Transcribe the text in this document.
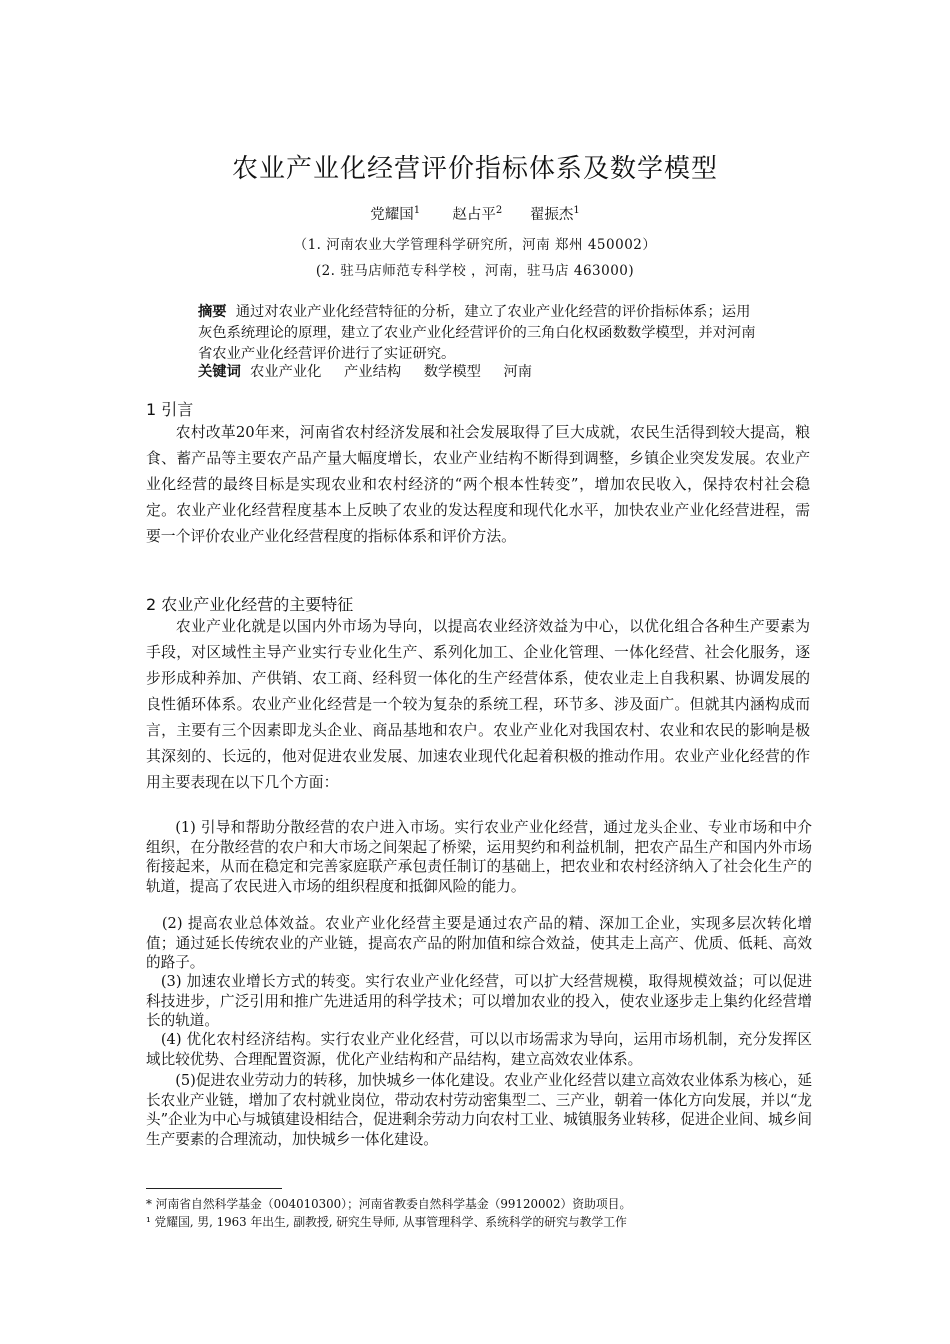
农业产业化经营评价指标体系及数学模型
党耀国$^1$ 赵占平$^2$ 翟振杰$^1$
（1. 河南农业大学管理科学研究所，河南 郑州 450002）
(2. 驻马店师范专科学校 ，河南，驻马店 463000)
摘要 通过对农业产业化经营特征的分析，建立了农业产业化经营的评价指标体系；运用灰色系统理论的原理，建立了农业产业化经营评价的三角白化权函数数学模型，并对河南省农业产业化经营评价进行了实证研究。
关键词 农业产业化 产业结构 数学模型 河南
1 引言
  农村改革20年来，河南省农村经济发展和社会发展取得了巨大成就，农民生活得到较大提高，粮食、蓄产品等主要农产品产量大幅度增长，农业产业结构不断得到调整，乡镇企业突发发展。农业产业化经营的最终目标是实现农业和农村经济的“两个根本性转变”，增加农民收入，保持农村社会稳定。农业产业化经营程度基本上反映了农业的发达程度和现代化水平，加快农业产业化经营进程，需要一个评价农业产业化经营程度的指标体系和评价方法。
2 农业产业化经营的主要特征
  农业产业化就是以国内外市场为导向，以提高农业经济效益为中心，以优化组合各种生产要素为手段，对区域性主导产业实行专业化生产、系列化加工、企业化管理、一体化经营、社会化服务，逐步形成种养加、产供销、农工商、经科贸一体化的生产经营体系，使农业走上自我积累、协调发展的良性循环体系。农业产业化经营是一个较为复杂的系统工程，环节多、涉及面广。但就其内涵构成而言，主要有三个因素即龙头企业、商品基地和农户。农业产业化对我国农村、农业和农民的影响是极其深刻的、长远的，他对促进农业发展、加速农业现代化起着积极的推动作用。农业产业化经营的作用主要表现在以下几个方面：
  (1) 引导和帮助分散经营的农户进入市场。实行农业产业化经营，通过龙头企业、专业市场和中介组织，在分散经营的农户和大市场之间架起了桥梁，运用契约和利益机制，把农产品生产和国内外市场衔接起来，从而在稳定和完善家庭联产承包责任制订的基础上，把农业和农村经济纳入了社会化生产的轨道，提高了农民进入市场的组织程度和抵御风险的能力。
(2) 提高农业总体效益。农业产业化经营主要是通过农产品的精、深加工企业，实现多层次转化增值；通过延长传统农业的产业链，提高农产品的附加值和综合效益，使其走上高产、优质、低耗、高效的路子。
(3) 加速农业增长方式的转变。实行农业产业化经营，可以扩大经营规模，取得规模效益；可以促进科技进步，广泛引用和推广先进适用的科学技术；可以增加农业的投入，使农业逐步走上集约化经营增长的轨道。
(4) 优化农村经济结构。实行农业产业化经营，可以以市场需求为导向，运用市场机制，充分发挥区域比较优势、合理配置资源，优化产业结构和产品结构，建立高效农业体系。
  (5)促进农业劳动力的转移，加快城乡一体化建设。农业产业化经营以建立高效农业体系为核心，延长农业产业链，增加了农村就业岗位，带动农村劳动密集型二、三产业，朝着一体化方向发展，并以“龙头”企业为中心与城镇建设相结合，促进剩余劳动力向农村工业、城镇服务业转移，促进企业间、城乡间生产要素的合理流动，加快城乡一体化建设。
* 河南省自然科学基金（004010300）；河南省教委自然科学基金（99120002）资助项目。
¹ 党耀国, 男, 1963 年出生, 副教授, 研究生导师, 从事管理科学、系统科学的研究与教学工作
